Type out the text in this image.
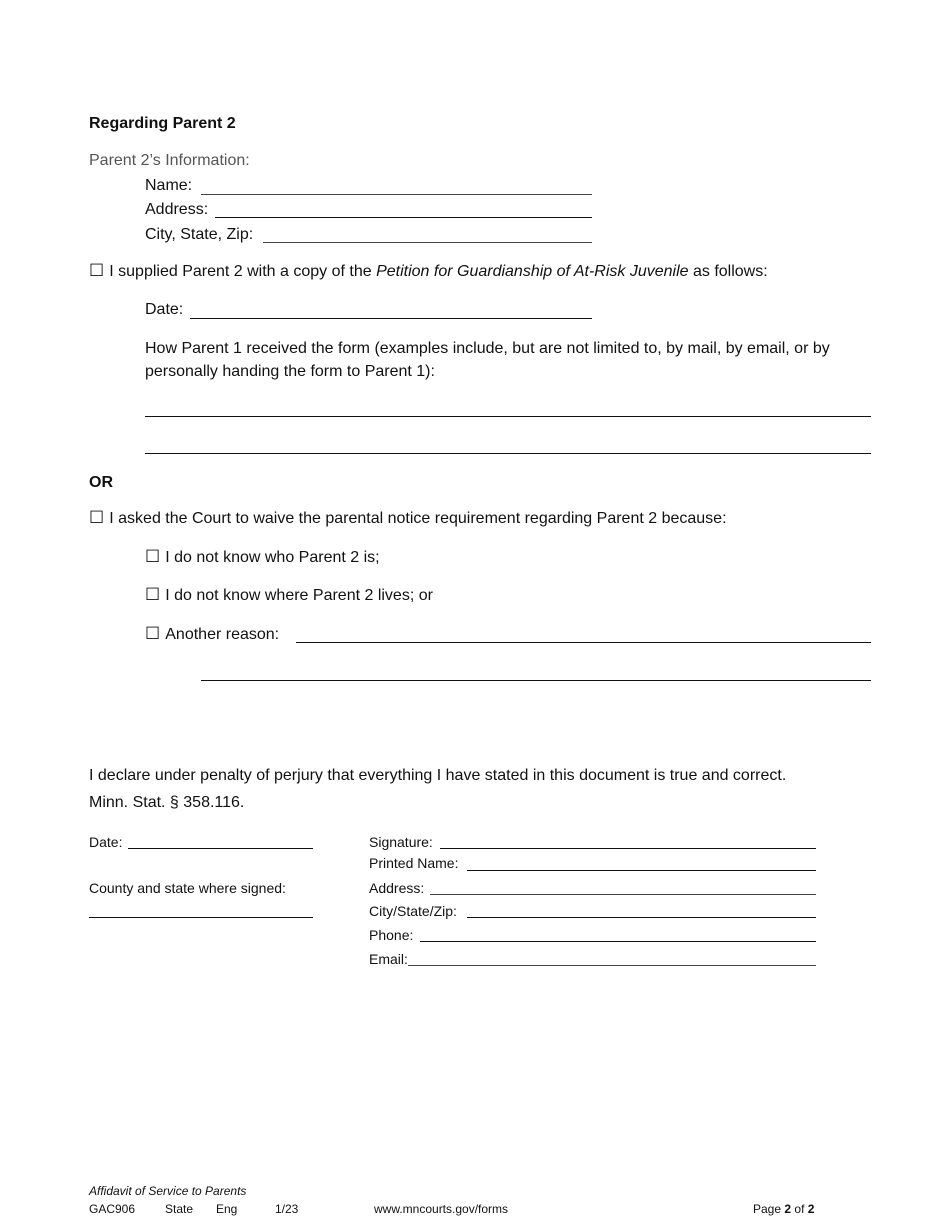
Regarding Parent 2
Parent 2’s Information:
Name:
Address:
City, State, Zip:
☐ I supplied Parent 2 with a copy of the Petition for Guardianship of At-Risk Juvenile as follows:
Date:
How Parent 1 received the form (examples include, but are not limited to, by mail, by email, or by personally handing the form to Parent 1):
OR
☐ I asked the Court to waive the parental notice requirement regarding Parent 2 because:
☐ I do not know who Parent 2 is;
☐ I do not know where Parent 2 lives; or
☐ Another reason:
I declare under penalty of perjury that everything I have stated in this document is true and correct.
Minn. Stat. § 358.116.
Date:
County and state where signed:
Signature:
Printed Name:
Address:
City/State/Zip:
Phone:
Email:
Affidavit of Service to Parents
GAC906 State Eng	1/23	www.mncourts.gov/forms	Page 2 of 2
